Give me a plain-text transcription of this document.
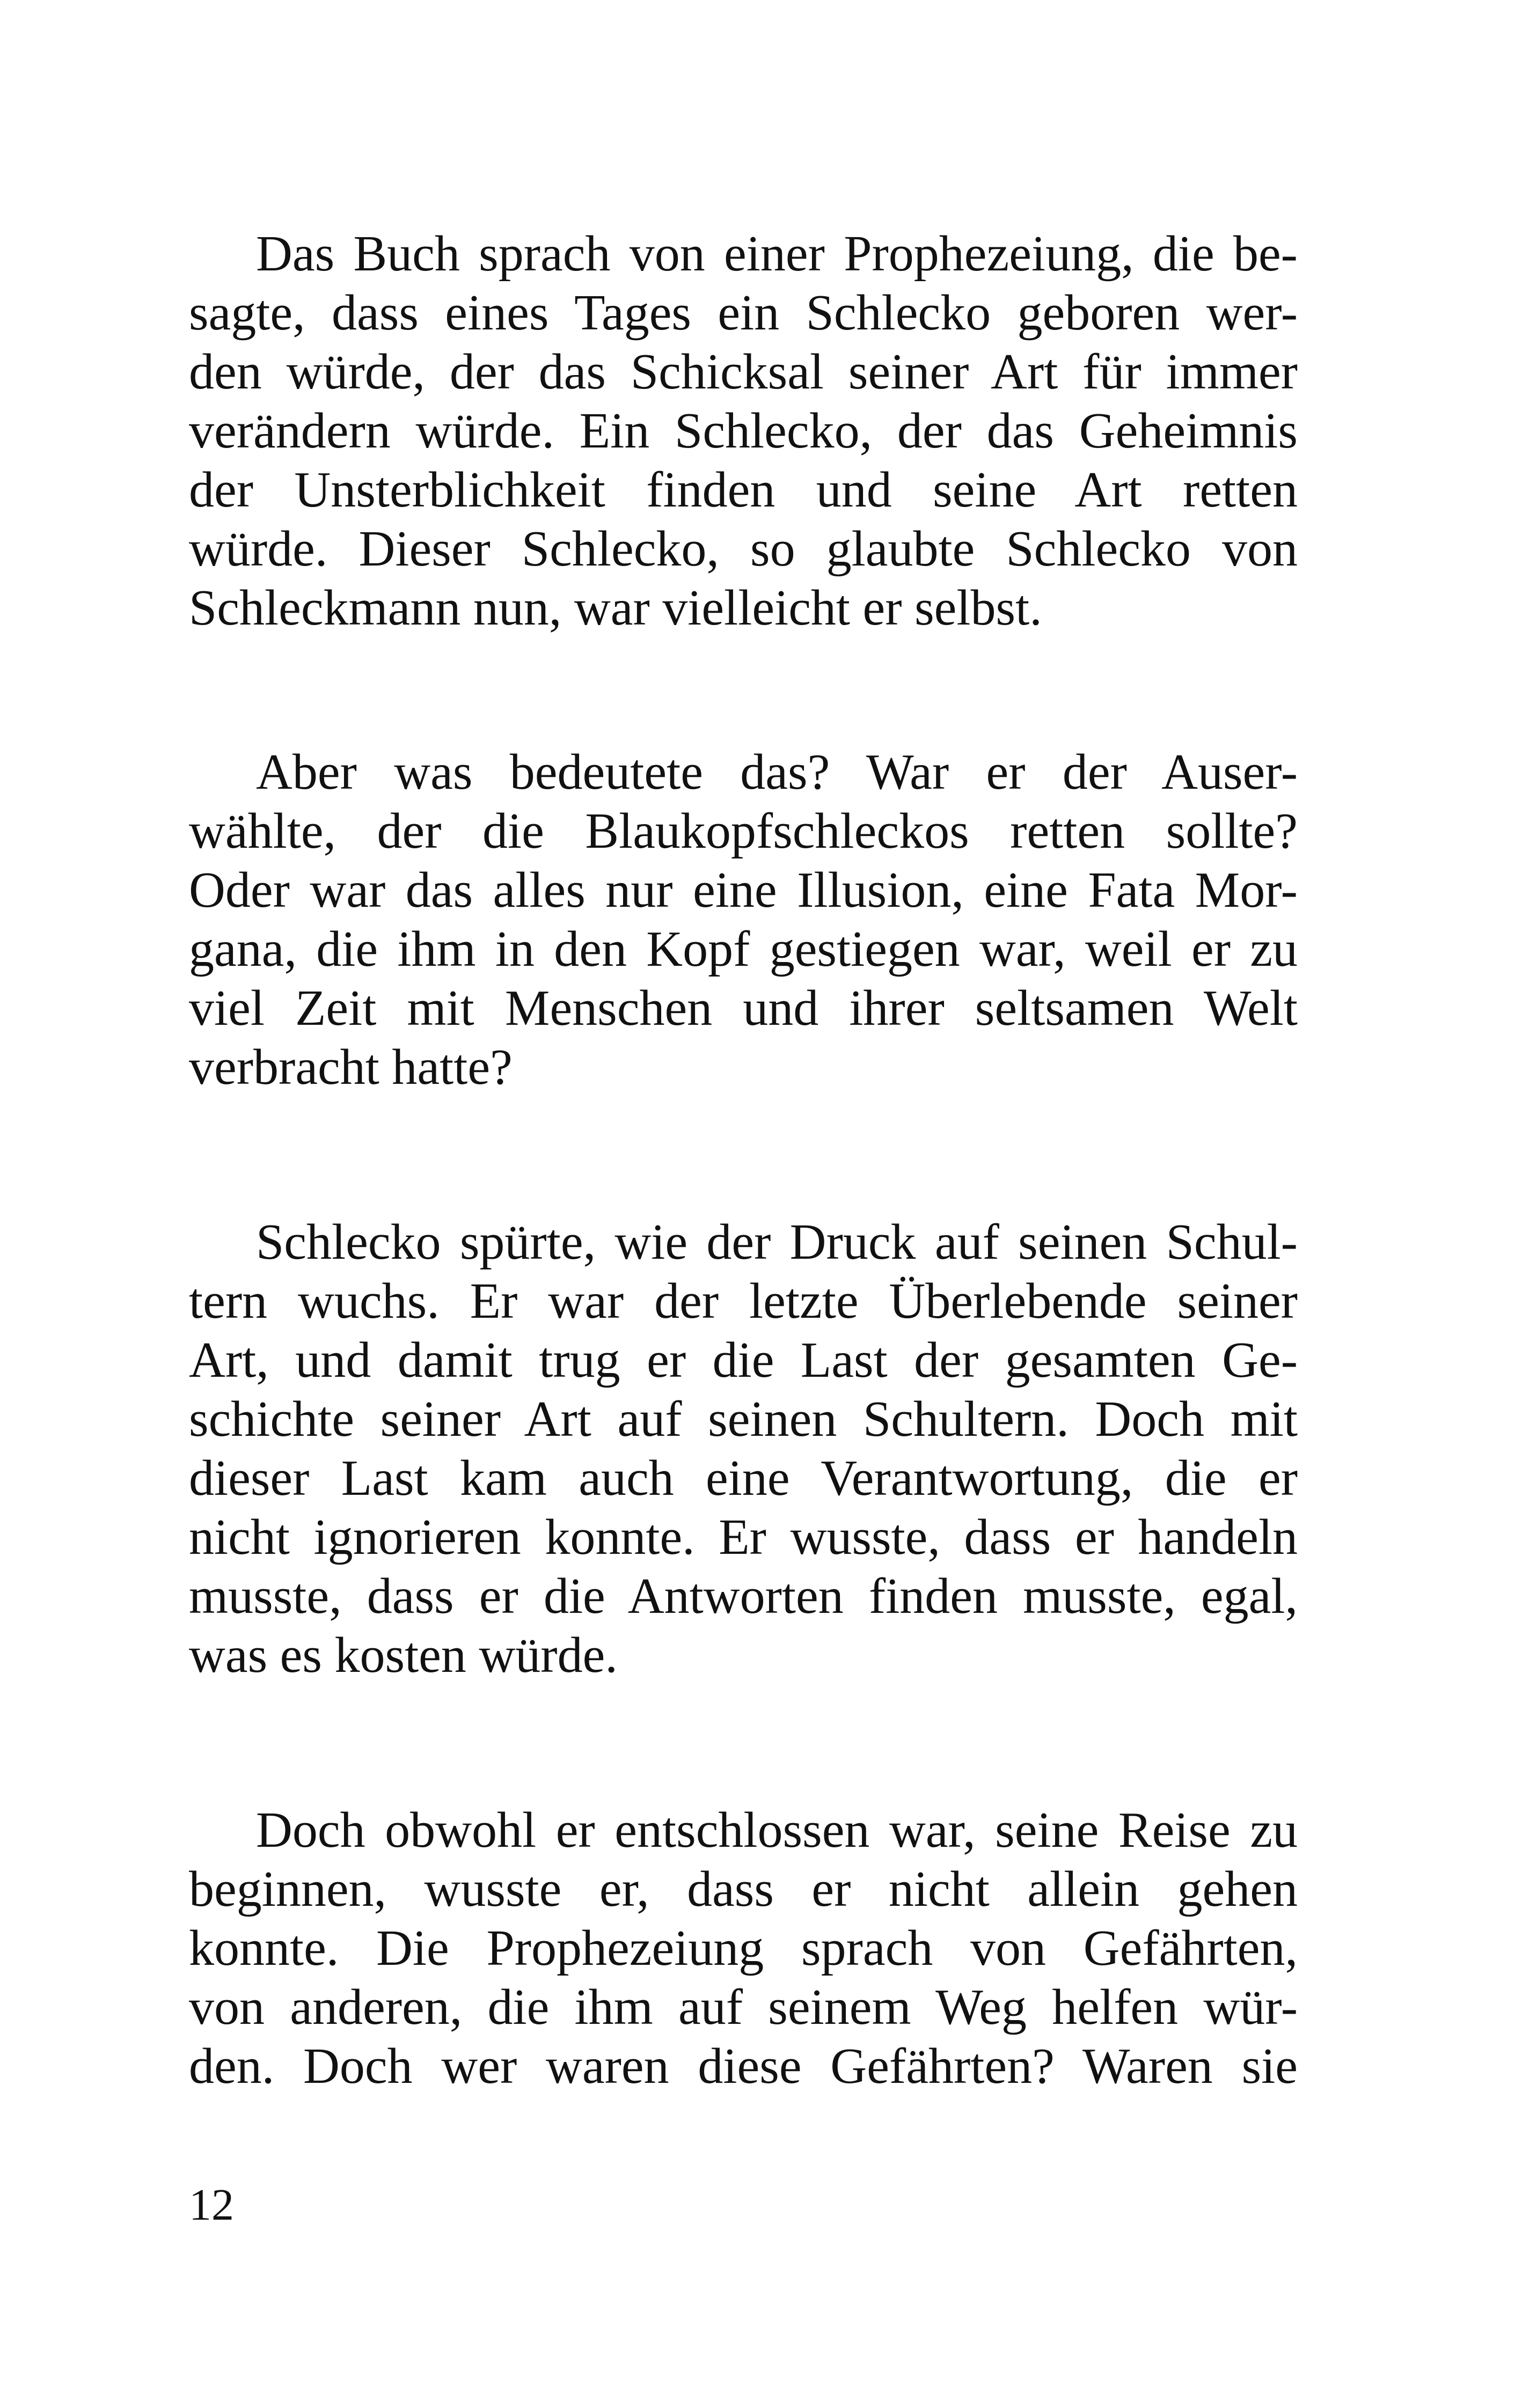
Das Buch sprach von einer Prophezeiung, die be-
sagte, dass eines Tages ein Schlecko geboren wer-
den würde, der das Schicksal seiner Art für immer
verändern würde. Ein Schlecko, der das Geheimnis
der Unsterblichkeit finden und seine Art retten
würde. Dieser Schlecko, so glaubte Schlecko von
Schleckmann nun, war vielleicht er selbst.

Aber was bedeutete das? War er der Auser-
wählte, der die Blaukopfschleckos retten sollte?
Oder war das alles nur eine Illusion, eine Fata Mor-
gana, die ihm in den Kopf gestiegen war, weil er zu
viel Zeit mit Menschen und ihrer seltsamen Welt
verbracht hatte?

Schlecko spürte, wie der Druck auf seinen Schul-
tern wuchs. Er war der letzte Überlebende seiner
Art, und damit trug er die Last der gesamten Ge-
schichte seiner Art auf seinen Schultern. Doch mit
dieser Last kam auch eine Verantwortung, die er
nicht ignorieren konnte. Er wusste, dass er handeln
musste, dass er die Antworten finden musste, egal,
was es kosten würde.

Doch obwohl er entschlossen war, seine Reise zu
beginnen, wusste er, dass er nicht allein gehen
konnte. Die Prophezeiung sprach von Gefährten,
von anderen, die ihm auf seinem Weg helfen wür-
den. Doch wer waren diese Gefährten? Waren sie

12
